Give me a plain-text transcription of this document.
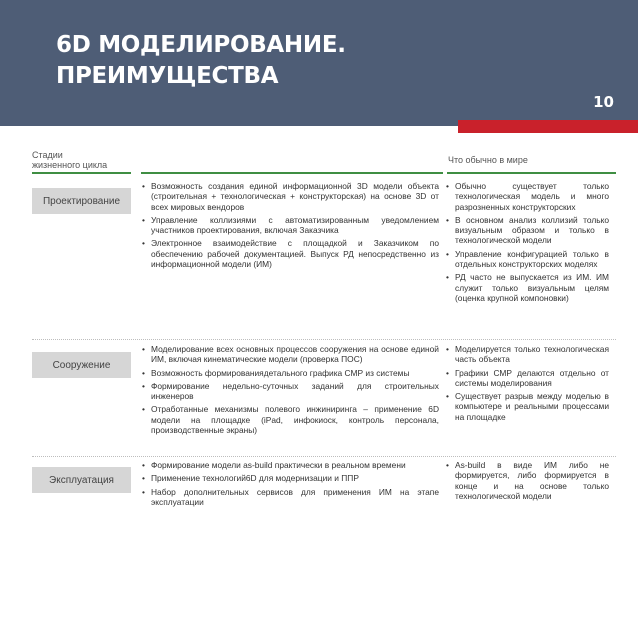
6D МОДЕЛИРОВАНИЕ.
ПРЕИМУЩЕСТВА
10
Стадии
жизненного цикла	Что обычно в мире
Проектирование
• Возможность создания единой информационной 3D модели объекта (строительная + технологическая + конструкторская) на основе 3D от всех мировых вендоров
• Управление коллизиями с автоматизированным уведомлением участников проектирования, включая Заказчика
• Электронное взаимодействие с площадкой и Заказчиком по обеспечению рабочей документацией. Выпуск РД непосредственно из информационной модели (ИМ)
• Обычно существует только технологическая модель и много разрозненных конструкторских
• В основном анализ коллизий только визуальным образом и только в технологической модели
• Управление конфигурацией только в отдельных конструкторских моделях
• РД часто не выпускается из ИМ. ИМ служит только визуальным целям (оценка крупной компоновки)
Сооружение
• Моделирование всех основных процессов сооружения на основе единой ИМ, включая кинематические модели (проверка ПОС)
• Возможность формированиядетального графика СМР из системы
• Формирование недельно-суточных заданий для строительных инженеров
• Отработанные механизмы полевого инжиниринга – применение 6D модели на площадке (iPad, инфокиоск, контроль персонала, производственные экраны)
• Моделируется только технологическая часть объекта
• Графики СМР делаются отдельно от системы моделирования
• Существует разрыв между моделью в компьютере и реальными процессами на площадке
Эксплуатация
• Формирование модели as-build практически в реальном времени
• Применение технологий6D для модернизации и ППР
• Набор дополнительных сервисов для применения ИМ на этапе эксплуатации
• As-build в виде ИМ либо не формируется, либо формируется в конце и на основе только технологической модели
